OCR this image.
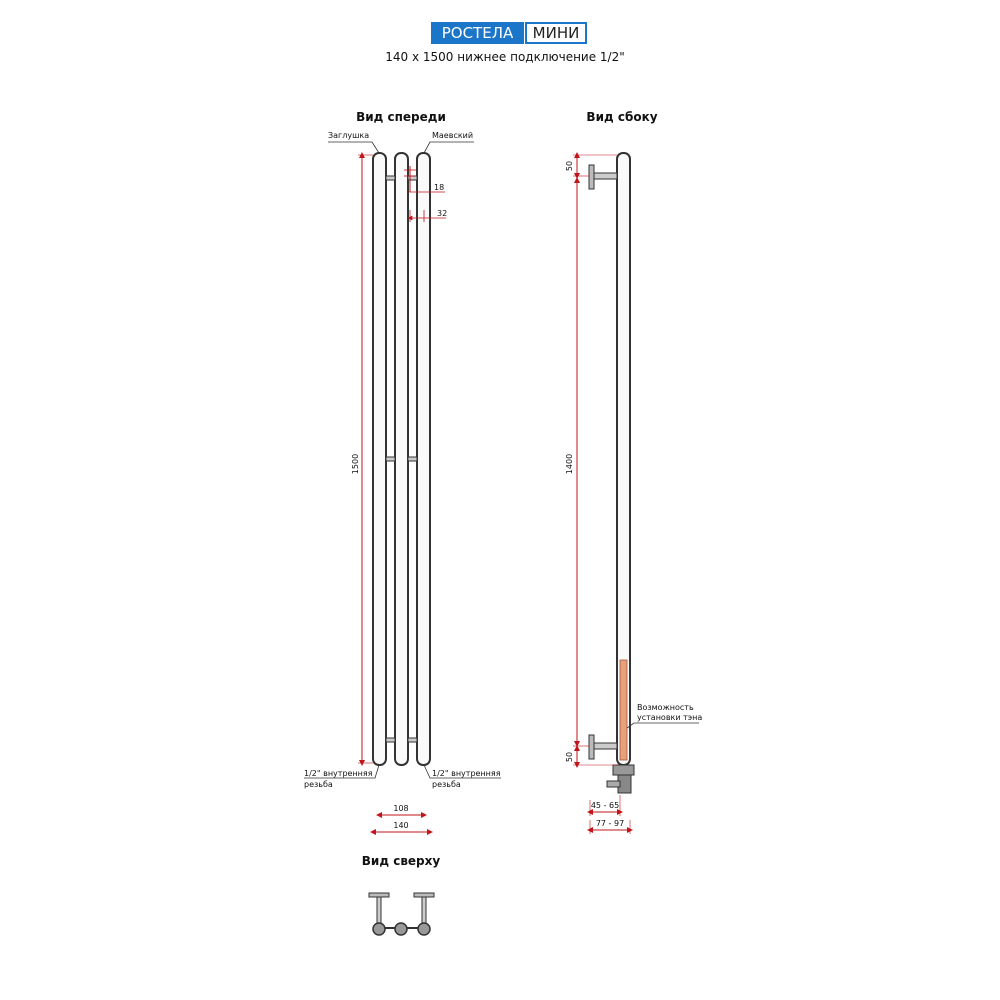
РОСТЕЛА	МИНИ
140 x 1500 нижнее подключение 1/2"
Вид спереди
Заглушка	Маевский
1500
18
32
1/2" внутренняя
резьба
1/2" внутренняя
резьба
108
140
Вид сбоку
50
1400
50
Возможность
установки тэна
45 - 65
77 - 97
Вид сверху
